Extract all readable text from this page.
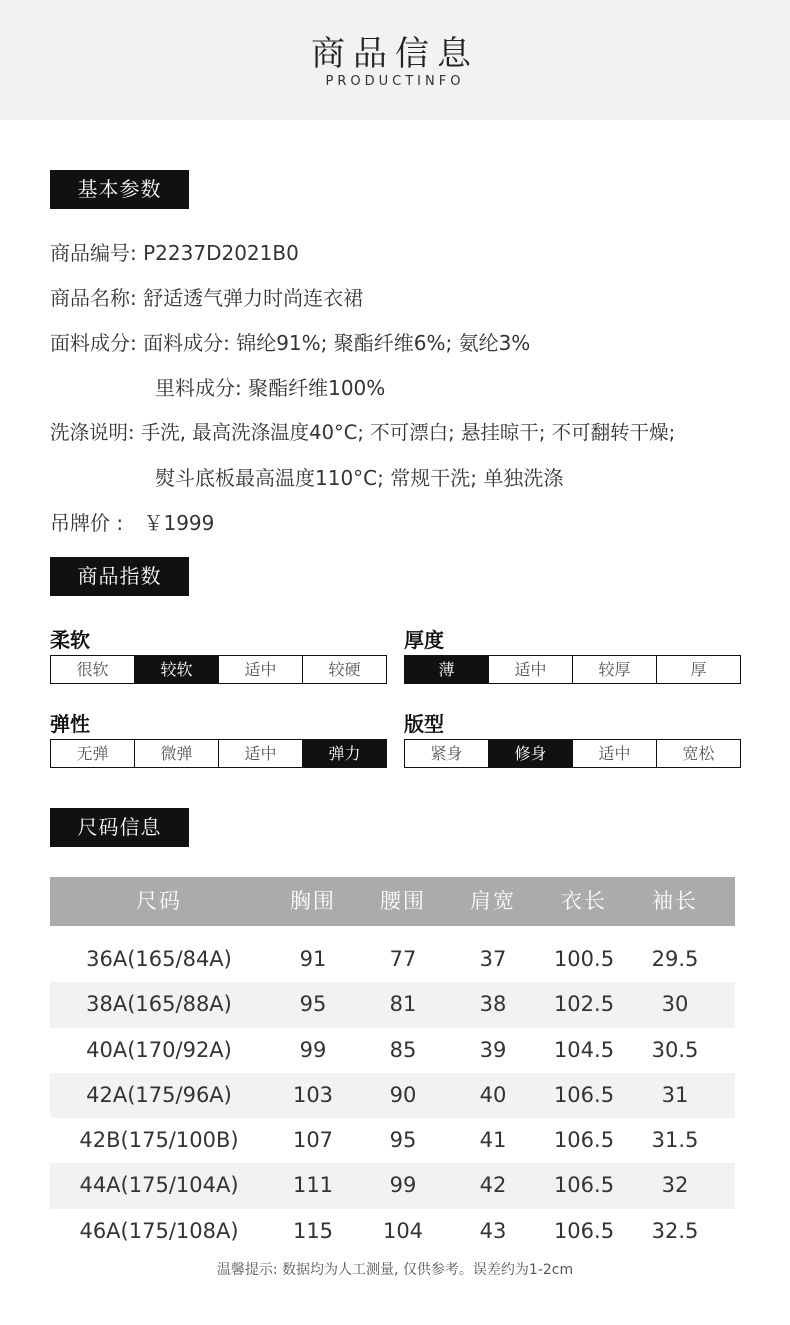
商品信息
PRODUCTINFO
基本参数
商品编号: P2237D2021B0
商品名称: 舒适透气弹力时尚连衣裙
面料成分: 面料成分: 锦纶91%; 聚酯纤维6%; 氨纶3%
里料成分: 聚酯纤维100%
洗涤说明: 手洗, 最高洗涤温度40°C; 不可漂白; 悬挂晾干; 不可翻转干燥;
熨斗底板最高温度110°C; 常规干洗; 单独洗涤
吊牌价 : ￥1999
商品指数
柔软
很软	较软	适中	较硬
厚度
薄	适中	较厚	厚
弹性
无弹	微弹	适中	弹力
版型
紧身	修身	适中	宽松
尺码信息
尺码	胸围	腰围	肩宽	衣长	袖长
36A(165/84A)	91	77	37	100.5	29.5
38A(165/88A)	95	81	38	102.5	30
40A(170/92A)	99	85	39	104.5	30.5
42A(175/96A)	103	90	40	106.5	31
42B(175/100B)	107	95	41	106.5	31.5
44A(175/104A)	111	99	42	106.5	32
46A(175/108A)	115	104	43	106.5	32.5
温馨提示: 数据均为人工测量, 仅供参考。误差约为1-2cm
